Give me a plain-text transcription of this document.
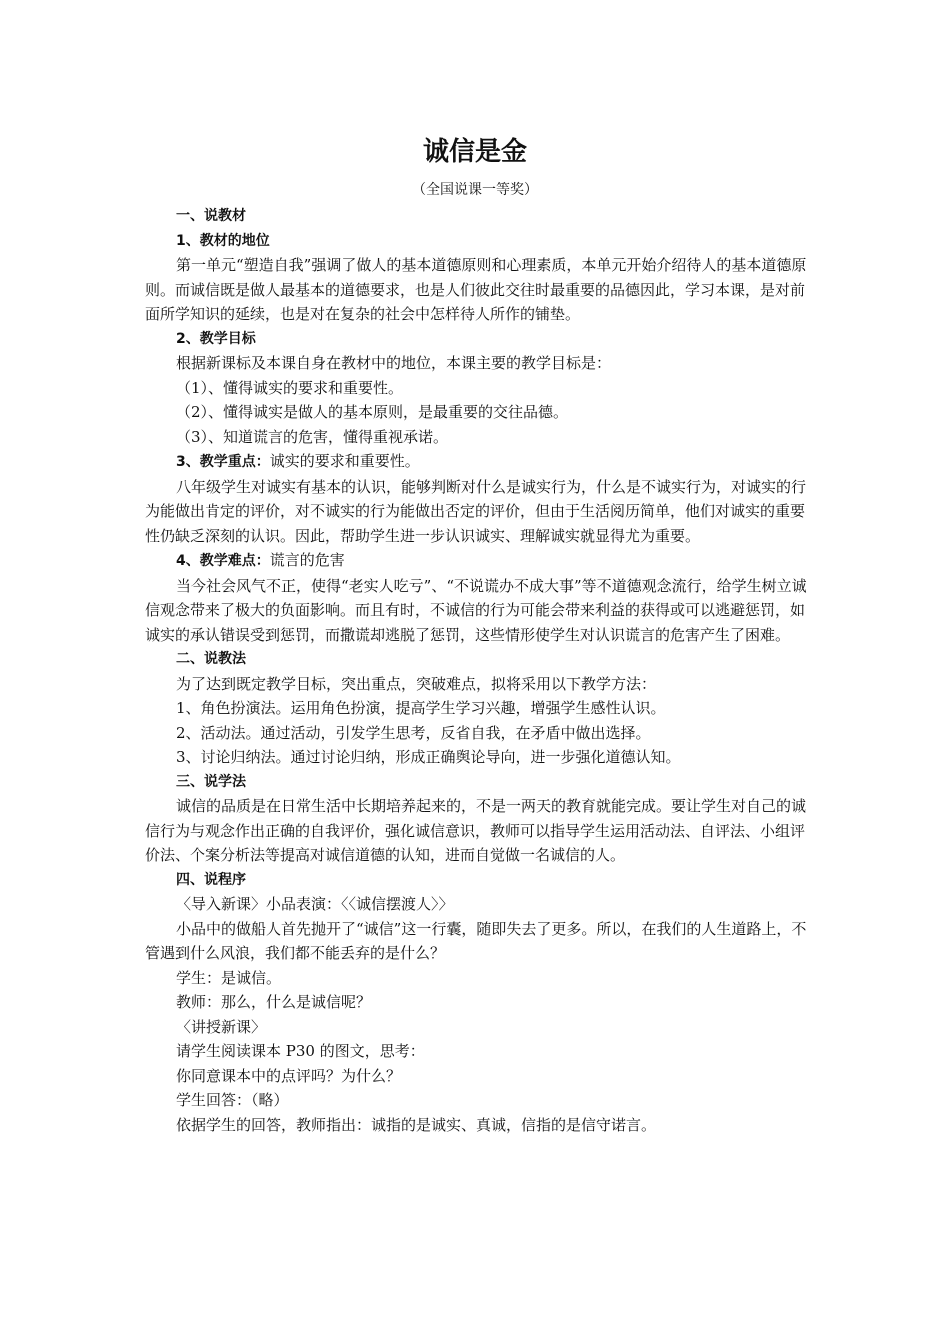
诚信是金
（全国说课一等奖）

一、说教材

1、教材的地位

第一单元“塑造自我”强调了做人的基本道德原则和心理素质，本单元开始介绍待人的基本道德原则。而诚信既是做人最基本的道德要求，也是人们彼此交往时最重要的品德因此，学习本课，是对前面所学知识的延续，也是对在复杂的社会中怎样待人所作的铺垫。

2、教学目标

根据新课标及本课自身在教材中的地位，本课主要的教学目标是：

（1）、懂得诚实的要求和重要性。

（2）、懂得诚实是做人的基本原则，是最重要的交往品德。

（3）、知道谎言的危害，懂得重视承诺。

3、教学重点：诚实的要求和重要性。

八年级学生对诚实有基本的认识，能够判断对什么是诚实行为，什么是不诚实行为，对诚实的行为能做出肯定的评价，对不诚实的行为能做出否定的评价，但由于生活阅历简单，他们对诚实的重要性仍缺乏深刻的认识。因此，帮助学生进一步认识诚实、理解诚实就显得尤为重要。

4、教学难点：谎言的危害

当今社会风气不正，使得“老实人吃亏”、“不说谎办不成大事”等不道德观念流行，给学生树立诚信观念带来了极大的负面影响。而且有时，不诚信的行为可能会带来利益的获得或可以逃避惩罚，如诚实的承认错误受到惩罚，而撒谎却逃脱了惩罚，这些情形使学生对认识谎言的危害产生了困难。

二、说教法

为了达到既定教学目标，突出重点，突破难点，拟将采用以下教学方法：

1、角色扮演法。运用角色扮演，提高学生学习兴趣，增强学生感性认识。

2、活动法。通过活动，引发学生思考，反省自我，在矛盾中做出选择。

3、讨论归纳法。通过讨论归纳，形成正确舆论导向，进一步强化道德认知。

三、说学法

诚信的品质是在日常生活中长期培养起来的，不是一两天的教育就能完成。要让学生对自己的诚信行为与观念作出正确的自我评价，强化诚信意识，教师可以指导学生运用活动法、自评法、小组评价法、个案分析法等提高对诚信道德的认知，进而自觉做一名诚信的人。

四、说程序

〈导入新课〉小品表演：〈〈诚信摆渡人〉〉

小品中的做船人首先抛开了“诚信”这一行囊，随即失去了更多。所以，在我们的人生道路上，不管遇到什么风浪，我们都不能丢弃的是什么？

学生：是诚信。

教师：那么，什么是诚信呢？

〈讲授新课〉

请学生阅读课本 P30 的图文，思考：

你同意课本中的点评吗？为什么？

学生回答：（略）

依据学生的回答，教师指出：诚指的是诚实、真诚，信指的是信守诺言。
